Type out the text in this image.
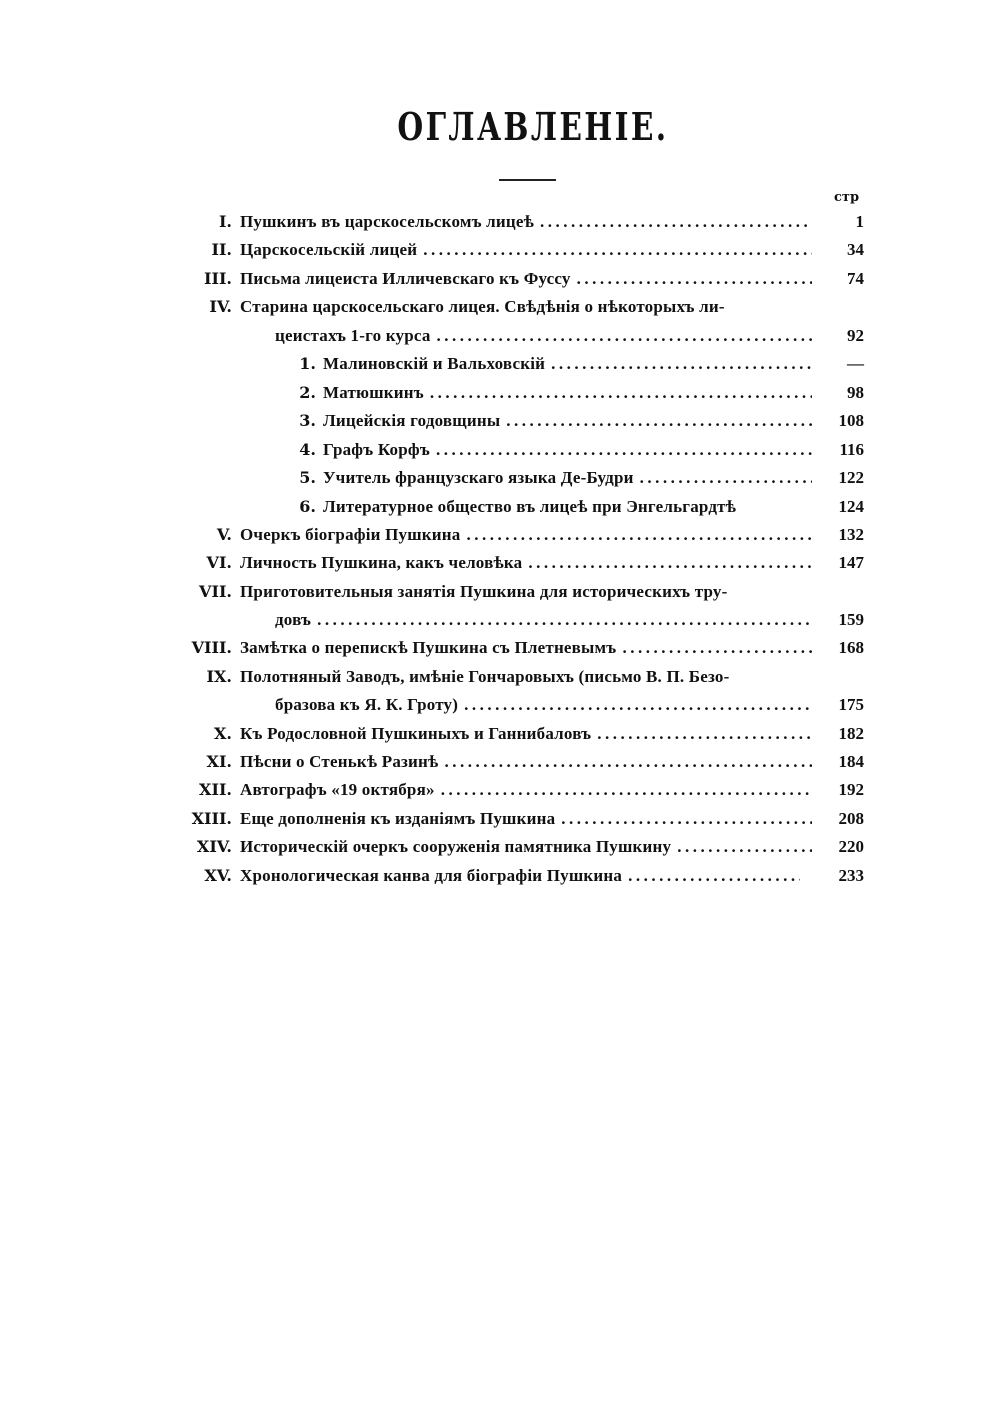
ОГЛАВЛЕНІЕ.
стр
I. Пушкинъ въ царскосельскомъ лицеѣ .....	1
II. Царскосельскій лицей .....	34
III. Письма лицеиста Илличевскаго къ Фуссу .....	74
IV. Старина царскосельскаго лицея. Свѣдѣнія о нѣкоторыхъ ли-
цеистахъ 1-го курса .....	92
1. Малиновскій и Вальховскій .....	—
2. Матюшкинъ .....	98
3. Лицейскія годовщины .....	108
4. Графъ Корфъ .....	116
5. Учитель французскаго языка Де-Будри .....	122
6. Литературное общество въ лицеѣ при Энгельгардтѣ	124
V. Очеркъ біографіи Пушкина .....	132
VI. Личность Пушкина, какъ человѣка .....	147
VII. Приготовительныя занятія Пушкина для историческихъ тру-
довъ .....	159
VIII. Замѣтка о перепискѣ Пушкина съ Плетневымъ .....	168
IX. Полотняный Заводъ, имѣніе Гончаровыхъ (письмо В. П. Безо-
бразова къ Я. К. Гроту) .....	175
X. Къ Родословной Пушкиныхъ и Ганнибаловъ .....	182
XI. Пѣсни о Стенькѣ Разинѣ .....	184
XII. Автографъ «19 октября» .....	192
XIII. Еще дополненія къ изданіямъ Пушкина .....	208
XIV. Историческій очеркъ сооруженія памятника Пушкину .....	220
XV. Хронологическая канва для біографіи Пушкина .....	233
